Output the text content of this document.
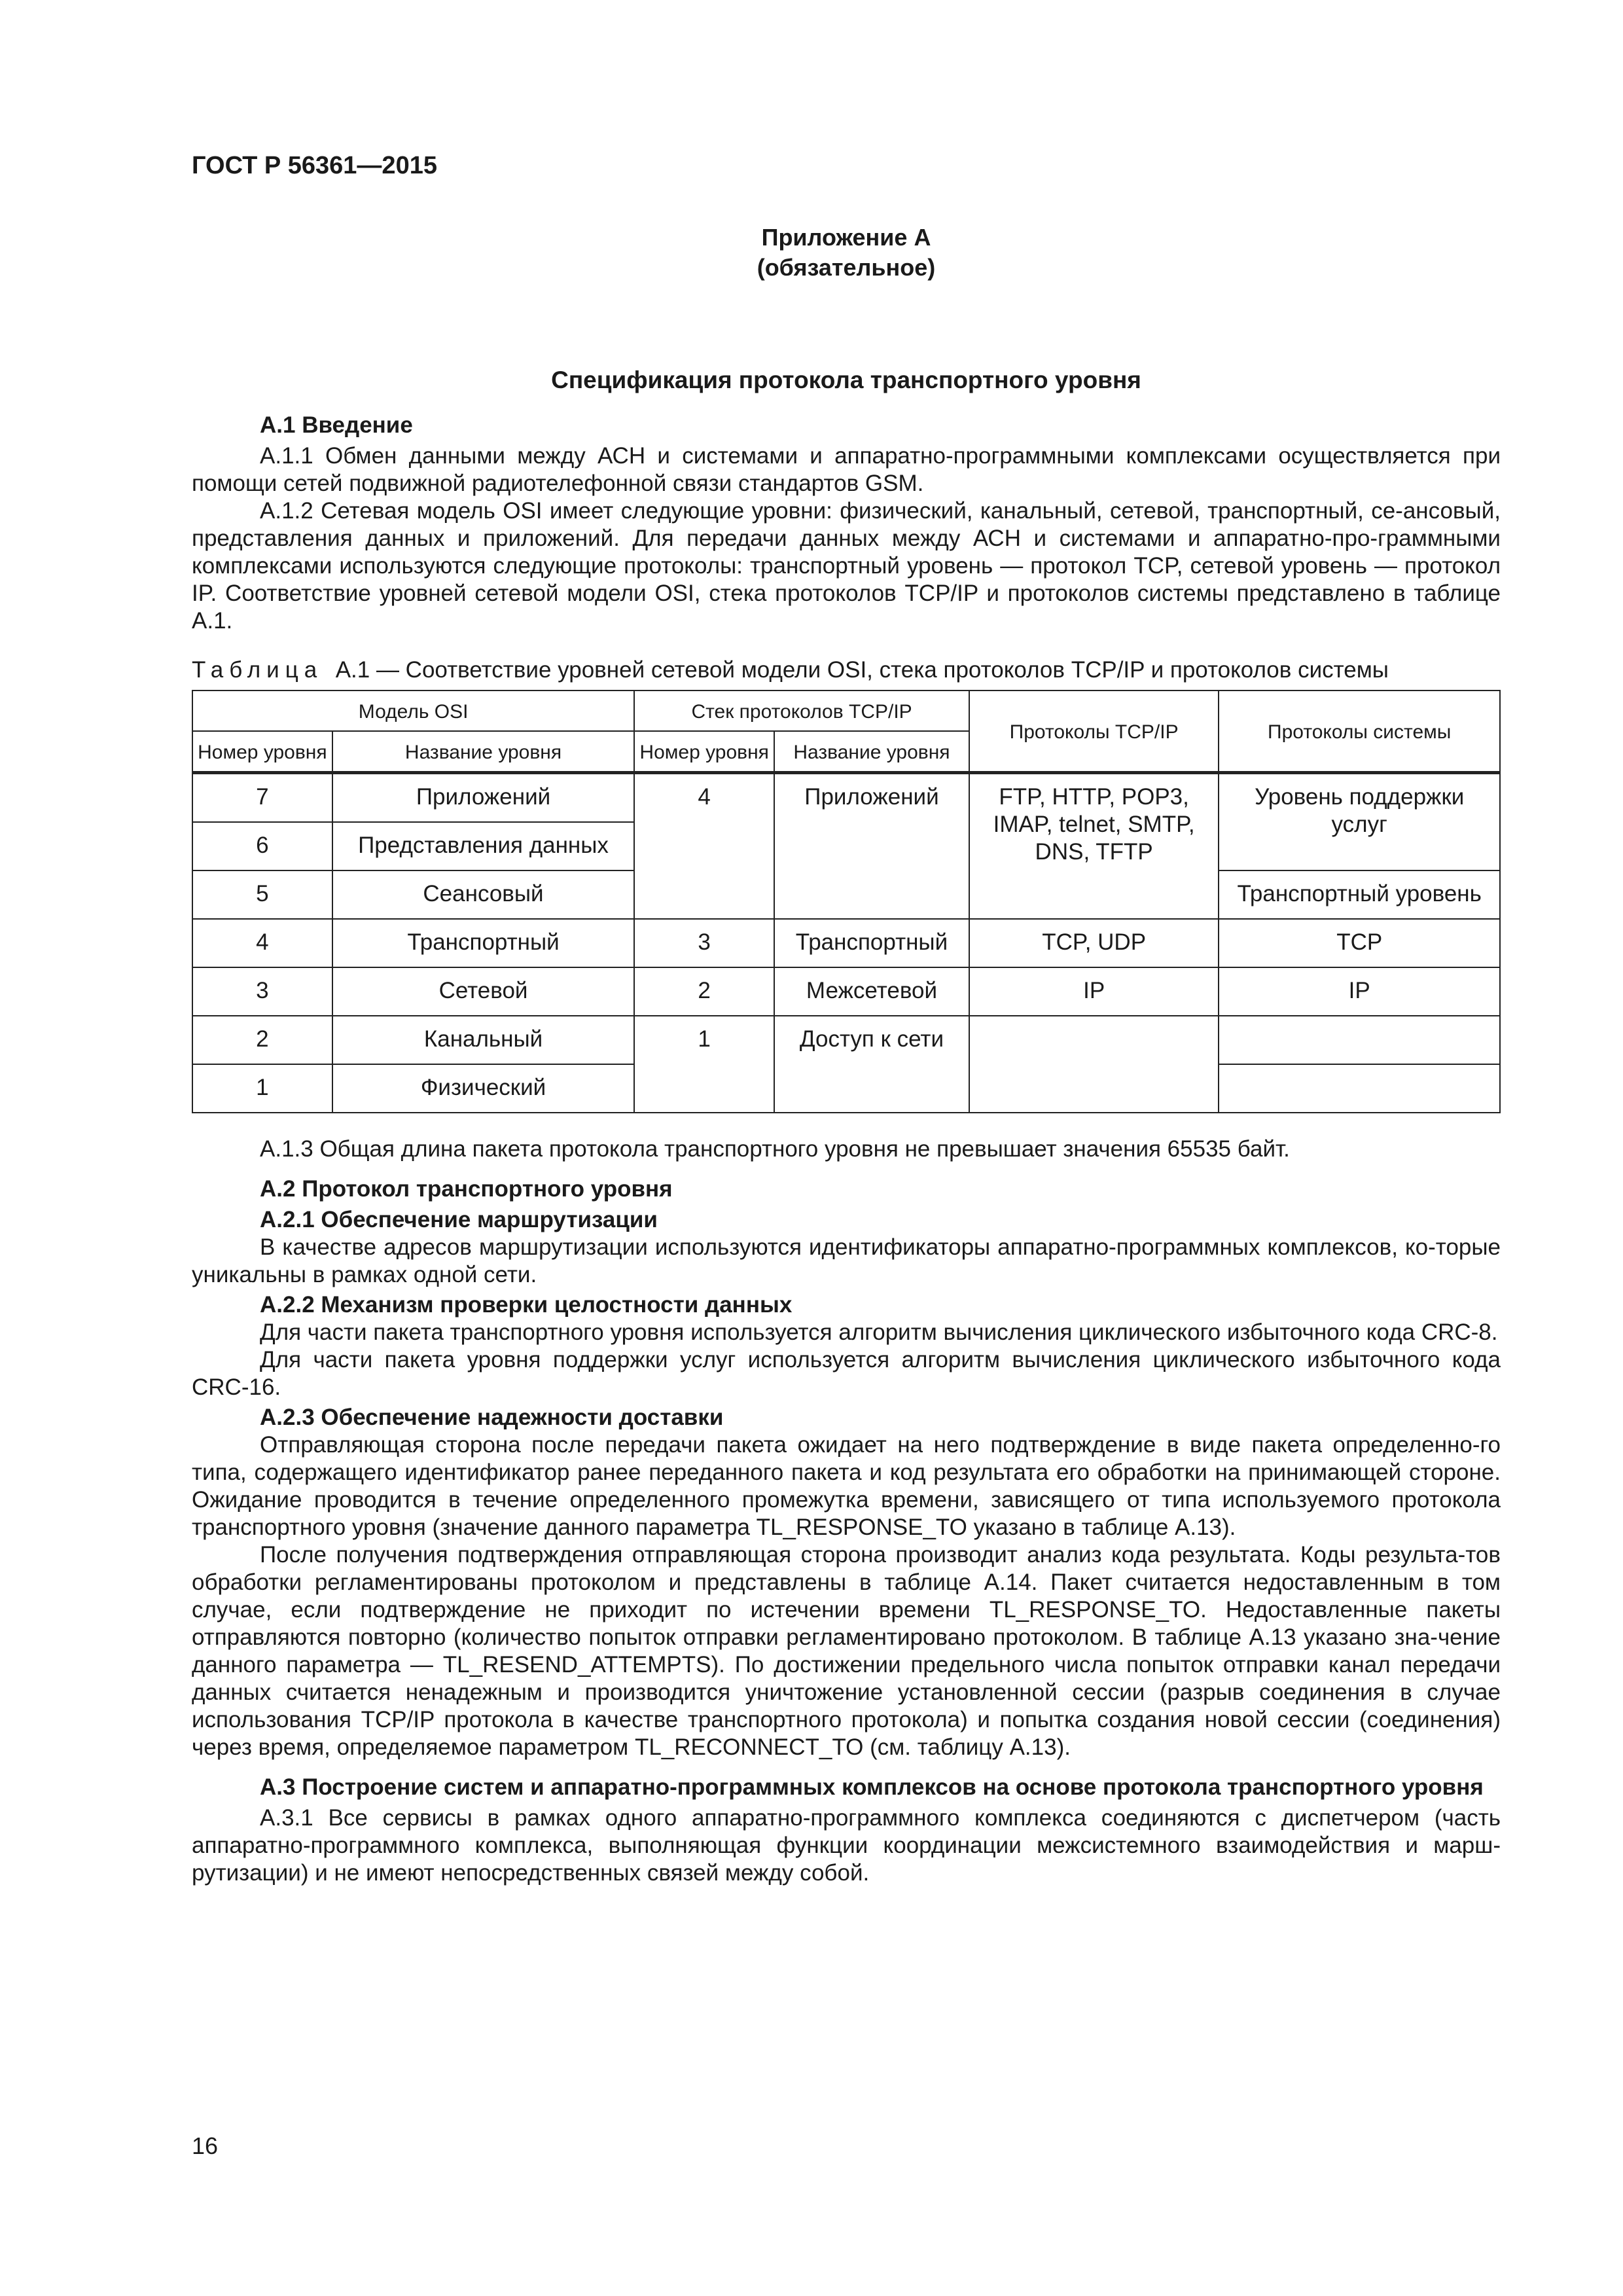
ГОСТ Р 56361—2015
Приложение А
(обязательное)
Спецификация протокола транспортного уровня
А.1 Введение

А.1.1 Обмен данными между АСН и системами и аппаратно-программными комплексами осуществляется при помощи сетей подвижной радиотелефонной связи стандартов GSM.

А.1.2 Сетевая модель OSI имеет следующие уровни: физический, канальный, сетевой, транспортный, се-ансовый, представления данных и приложений. Для передачи данных между АСН и системами и аппаратно-про-граммными комплексами используются следующие протоколы: транспортный уровень — протокол TCP, сетевой уровень — протокол IP. Соответствие уровней сетевой модели OSI, стека протоколов TCP/IP и протоколов системы представлено в таблице А.1.

Таблица А.1 — Соответствие уровней сетевой модели OSI, стека протоколов TCP/IP и протоколов системы
Модель OSI		Стек протоколов TCP/IP		Протоколы TCP/IP	Протоколы системы
Номер уровня	Название уровня	Номер уровня	Название уровня		
7	Приложений	4	Приложений	FTP, HTTP, POP3, IMAP, telnet, SMTP, DNS, TFTP	Уровень поддержки услуг
6	Представления данных				
5	Сеансовый				Транспортный уровень
4	Транспортный	3	Транспортный	TCP, UDP	TCP
3	Сетевой	2	Межсетевой	IP	IP
2	Канальный	1	Доступ к сети		
1	Физический				

А.1.3 Общая длина пакета протокола транспортного уровня не превышает значения 65535 байт.

А.2 Протокол транспортного уровня
А.2.1 Обеспечение маршрутизации

В качестве адресов маршрутизации используются идентификаторы аппаратно-программных комплексов, ко-торые уникальны в рамках одной сети.

А.2.2 Механизм проверки целостности данных

Для части пакета транспортного уровня используется алгоритм вычисления циклического избыточного кода CRC-8.

Для части пакета уровня поддержки услуг используется алгоритм вычисления циклического избыточного кода CRC-16.

А.2.3 Обеспечение надежности доставки

Отправляющая сторона после передачи пакета ожидает на него подтверждение в виде пакета определенно-го типа, содержащего идентификатор ранее переданного пакета и код результата его обработки на принимающей стороне. Ожидание проводится в течение определенного промежутка времени, зависящего от типа используемого протокола транспортного уровня (значение данного параметра TL_RESPONSE_TO указано в таблице А.13).

После получения подтверждения отправляющая сторона производит анализ кода результата. Коды результа-тов обработки регламентированы протоколом и представлены в таблице А.14. Пакет считается недоставленным в том случае, если подтверждение не приходит по истечении времени TL_RESPONSE_TO. Недоставленные пакеты отправляются повторно (количество попыток отправки регламентировано протоколом. В таблице А.13 указано зна-чение данного параметра — TL_RESEND_ATTEMPTS). По достижении предельного числа попыток отправки канал передачи данных считается ненадежным и производится уничтожение установленной сессии (разрыв соединения в случае использования TCP/IP протокола в качестве транспортного протокола) и попытка создания новой сессии (соединения) через время, определяемое параметром TL_RECONNECT_TO (см. таблицу А.13).

А.3 Построение систем и аппаратно-программных комплексов на основе протокола транспортного уровня

А.3.1 Все сервисы в рамках одного аппаратно-программного комплекса соединяются с диспетчером (часть аппаратно-программного комплекса, выполняющая функции координации межсистемного взаимодействия и марш-рутизации) и не имеют непосредственных связей между собой.

16
